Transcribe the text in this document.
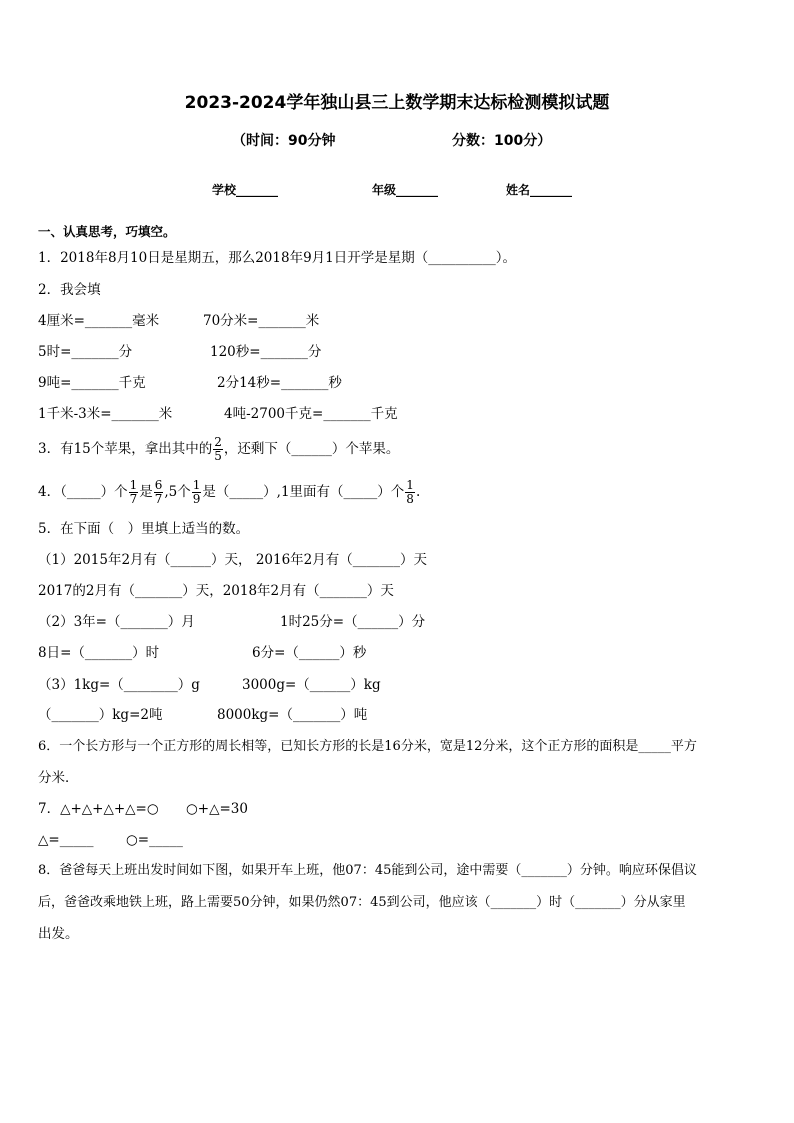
2023-2024学年独山县三上数学期末达标检测模拟试题
（时间：90分钟	分数：100分）
学校_______	年级_______	姓名_______
一、认真思考，巧填空。
1．2018年8月10日是星期五，那么2018年9月1日开学是星期（__________）。
2．我会填
4厘米=_______毫米	70分米=_______米
5时=_______分	120秒=_______分
9吨=_______千克	2分14秒=_______秒
1千米-3米=_______米	4吨-2700千克=_______千克
3．有15个苹果，拿出其中的 $\frac{2}{5}$ ，还剩下（______）个苹果。
4．（_____）个 $\frac{1}{7}$ 是 $\frac{6}{7} ,5$个 $\frac{1}{9}$ 是（_____）,1里面有（_____）个 $\frac{1}{8}$ .
5．在下面（　）里填上适当的数。
（1）2015年2月有（______）天， 2016年2月有（_______）天
2017的2月有（_______）天，2018年2月有（_______）天
（2）3年=（_______）月	1时25分=（______）分
8日=（_______）时	6分=（______）秒
（3）1kg=（________）g	3000g=（______）kg
（_______）kg=2吨	8000kg=（_______）吨
6．一个长方形与一个正方形的周长相等，已知长方形的长是16分米，宽是12分米，这个正方形的面积是_____平方
分米．
7．△+△+△+△=○ ○+△=30
△=_____ ○=_____
8．爸爸每天上班出发时间如下图，如果开车上班，他07：45能到公司，途中需要（_______）分钟。响应环保倡议
后，爸爸改乘地铁上班，路上需要50分钟，如果仍然07：45到公司，他应该（_______）时（_______）分从家里
出发。
